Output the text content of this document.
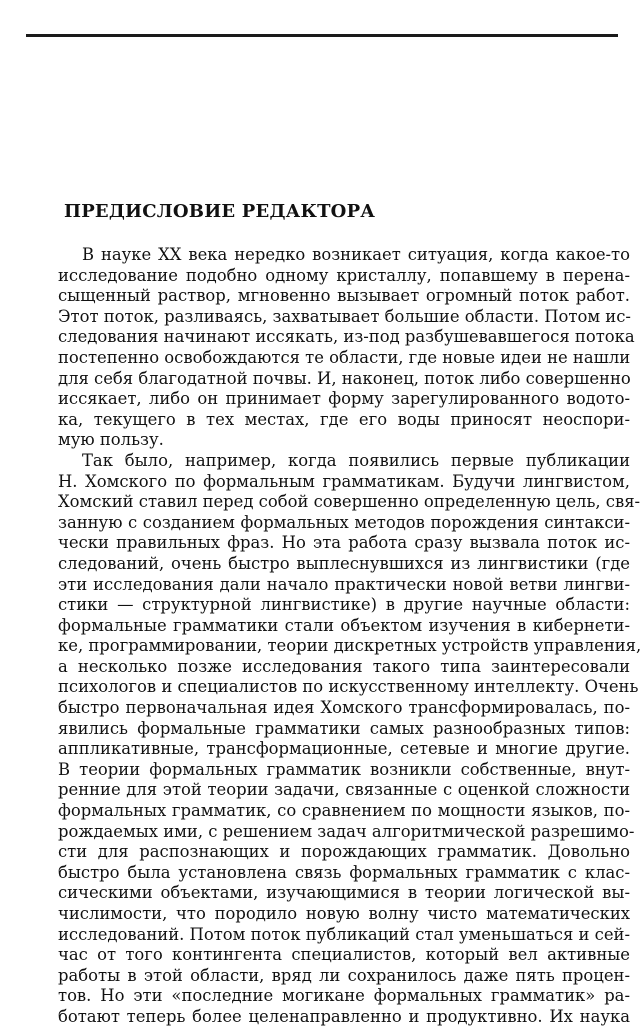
ПРЕДИСЛОВИЕ РЕДАКТОРА
В науке XX века нередко возникает ситуация, когда какое-то
исследование подобно одному кристаллу, попавшему в перена-
сыщенный раствор, мгновенно вызывает огромный поток работ.
Этот поток, разливаясь, захватывает большие области. Потом ис-
следования начинают иссякать, из-под разбушевавшегося потока
постепенно освобождаются те области, где новые идеи не нашли
для себя благодатной почвы. И, наконец, поток либо совершенно
иссякает, либо он принимает форму зарегулированного водото-
ка, текущего в тех местах, где его воды приносят неоспори-
мую пользу.
Так было, например, когда появились первые публикации
Н. Хомского по формальным грамматикам. Будучи лингвистом,
Хомский ставил перед собой совершенно определенную цель, свя-
занную с созданием формальных методов порождения синтакси-
чески правильных фраз. Но эта работа сразу вызвала поток ис-
следований, очень быстро выплеснувшихся из лингвистики (где
эти исследования дали начало практически новой ветви лингви-
стики — структурной лингвистике) в другие научные области:
формальные грамматики стали объектом изучения в кибернети-
ке, программировании, теории дискретных устройств управления,
а несколько позже исследования такого типа заинтересовали
психологов и специалистов по искусственному интеллекту. Очень
быстро первоначальная идея Хомского трансформировалась, по-
явились формальные грамматики самых разнообразных типов:
аппликативные, трансформационные, сетевые и многие другие.
В теории формальных грамматик возникли собственные, внут-
ренние для этой теории задачи, связанные с оценкой сложности
формальных грамматик, со сравнением по мощности языков, по-
рождаемых ими, с решением задач алгоритмической разрешимо-
сти для распознающих и порождающих грамматик. Довольно
быстро была установлена связь формальных грамматик с клас-
сическими объектами, изучающимися в теории логической вы-
числимости, что породило новую волну чисто математических
исследований. Потом поток публикаций стал уменьшаться и сей-
час от того контингента специалистов, который вел активные
работы в этой области, вряд ли сохранилось даже пять процен-
тов. Но эти «последние могикане формальных грамматик» ра-
ботают теперь более целенаправленно и продуктивно. Их наука
